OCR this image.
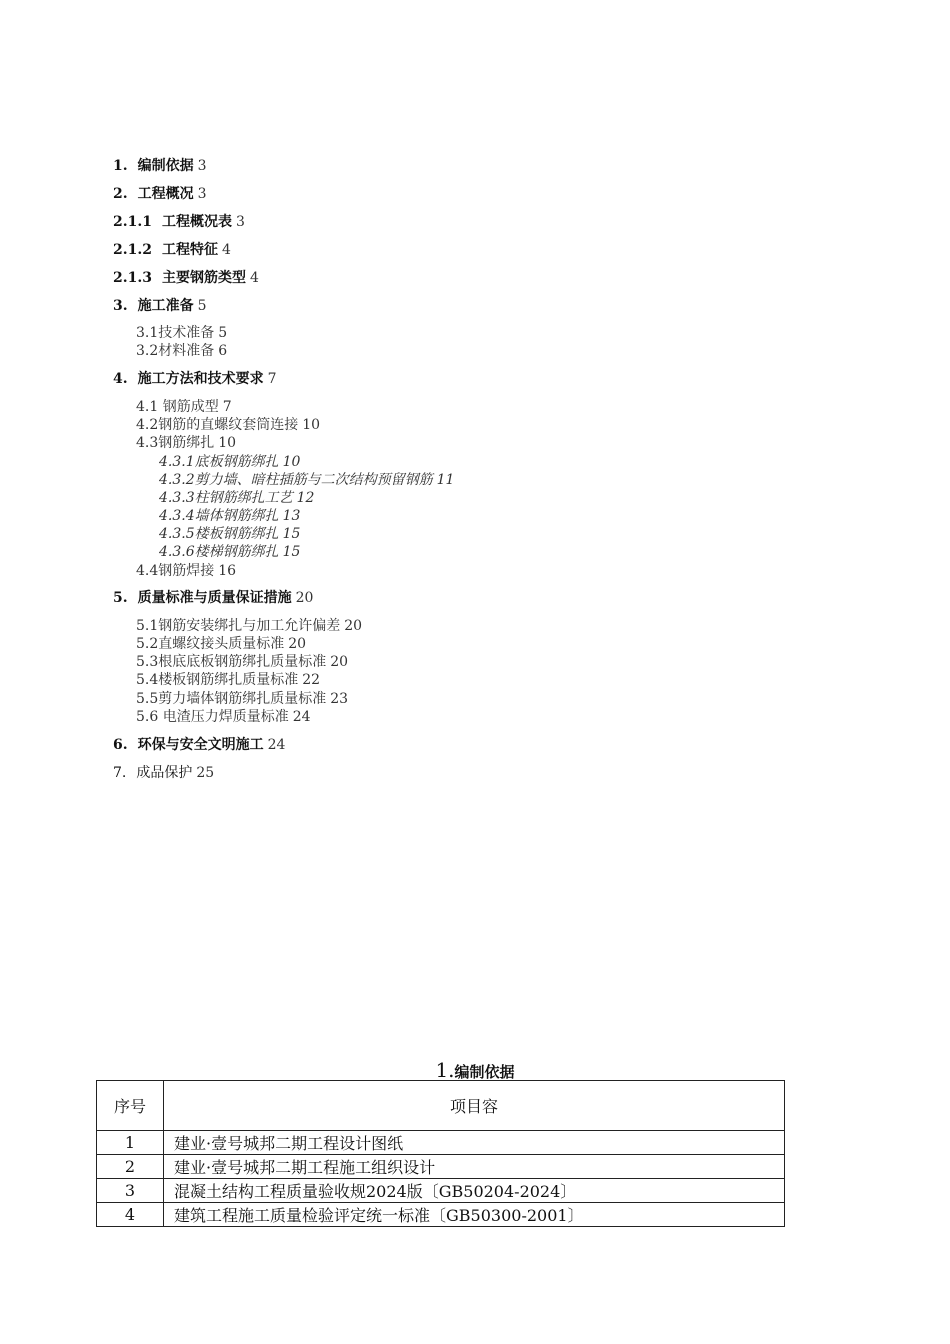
1. 编制依据 3
2. 工程概况 3
2.1.1 工程概况表 3
2.1.2 工程特征 4
2.1.3 主要钢筋类型 4
3. 施工准备 5
3.1技术准备 5
3.2材料准备 6
4. 施工方法和技术要求 7
4.1 钢筋成型 7
4.2钢筋的直螺纹套筒连接 10
4.3钢筋绑扎 10
4.3.1底板钢筋绑扎 10
4.3.2剪力墙、暗柱插筋与二次结构预留钢筋 11
4.3.3柱钢筋绑扎工艺 12
4.3.4墙体钢筋绑扎 13
4.3.5楼板钢筋绑扎 15
4.3.6楼梯钢筋绑扎 15
4.4钢筋焊接 16
5. 质量标准与质量保证措施 20
5.1钢筋安装绑扎与加工允许偏差 20
5.2直螺纹接头质量标准 20
5.3根底底板钢筋绑扎质量标准 20
5.4楼板钢筋绑扎质量标准 22
5.5剪力墙体钢筋绑扎质量标准 23
5.6 电渣压力焊质量标准 24
6. 环保与安全文明施工 24
7. 成品保护 25
1.编制依据
序号	项目容
1	建业·壹号城邦二期工程设计图纸
2	建业·壹号城邦二期工程施工组织设计
3	混凝土结构工程质量验收规2024版〔GB50204-2024〕
4	建筑工程施工质量检验评定统一标准〔GB50300-2001〕
